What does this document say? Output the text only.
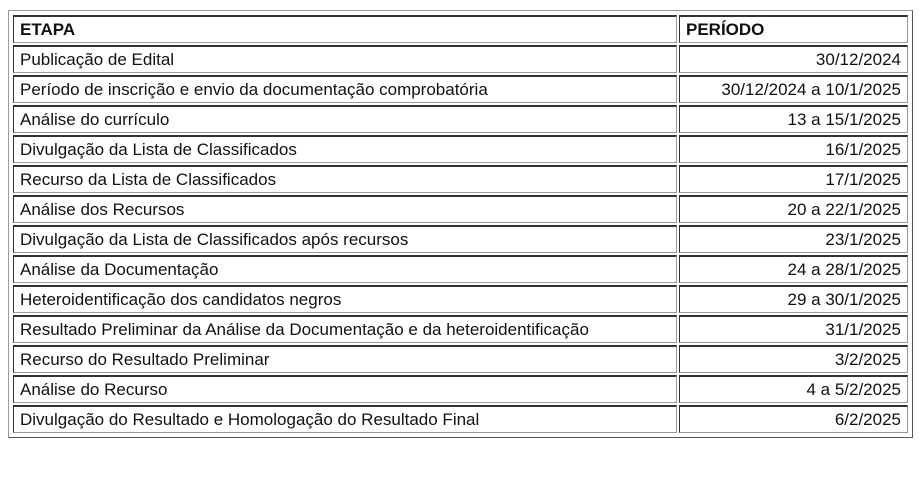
ETAPA	PERÍODO
Publicação de Edital	30/12/2024
Período de inscrição e envio da documentação comprobatória	30/12/2024 a 10/1/2025
Análise do currículo	13 a 15/1/2025
Divulgação da Lista de Classificados	16/1/2025
Recurso da Lista de Classificados	17/1/2025
Análise dos Recursos	20 a 22/1/2025
Divulgação da Lista de Classificados após recursos	23/1/2025
Análise da Documentação	24 a 28/1/2025
Heteroidentificação dos candidatos negros	29 a 30/1/2025
Resultado Preliminar da Análise da Documentação e da heteroidentificação	31/1/2025
Recurso do Resultado Preliminar	3/2/2025
Análise do Recurso	4 a 5/2/2025
Divulgação do Resultado e Homologação do Resultado Final	6/2/2025
